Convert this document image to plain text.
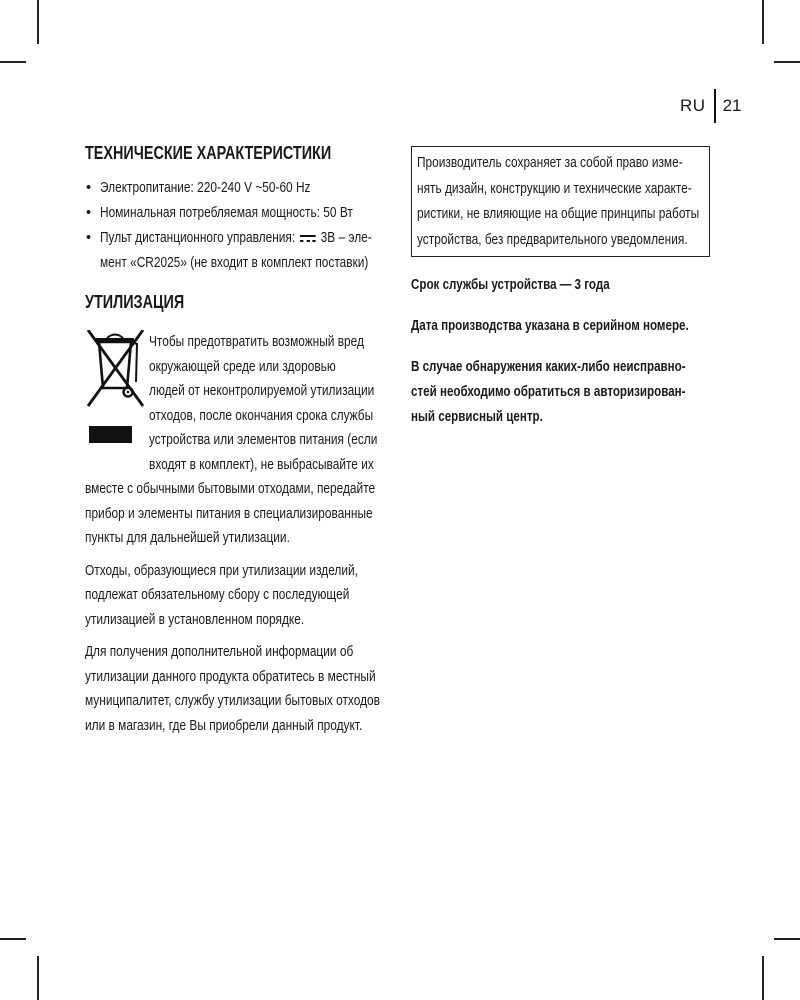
RU	21
ТЕХНИЧЕСКИЕ ХАРАКТЕРИСТИКИ
• Электропитание: 220-240 V ~50-60 Hz
• Номинальная потребляемая мощность: 50 Вт
• Пульт дистанционного управления: 3В – эле-
мент «CR2025» (не входит в комплект поставки)
УТИЛИЗАЦИЯ

Чтобы предотвратить возможный вред
окружающей среде или здоровью
людей от неконтролируемой утилизации
отходов, после окончания срока службы
устройства или элементов питания (если
входят в комплект), не выбрасывайте их
вместе с обычными бытовыми отходами, передайте
прибор и элементы питания в специализированные
пункты для дальнейшей утилизации.

Отходы, образующиеся при утилизации изделий,
подлежат обязательному сбору с последующей
утилизацией в установленном порядке.

Для получения дополнительной информации об
утилизации данного продукта обратитесь в местный
муниципалитет, службу утилизации бытовых отходов
или в магазин, где Вы приобрели данный продукт.

Производитель сохраняет за собой право изме-
нять дизайн, конструкцию и технические характе-
ристики, не влияющие на общие принципы работы
устройства, без предварительного уведомления.

Срок службы устройства — 3 года

Дата производства указана в серийном номере.

В случае обнаружения каких-либо неисправно-
стей необходимо обратиться в авторизирован-
ный сервисный центр.
